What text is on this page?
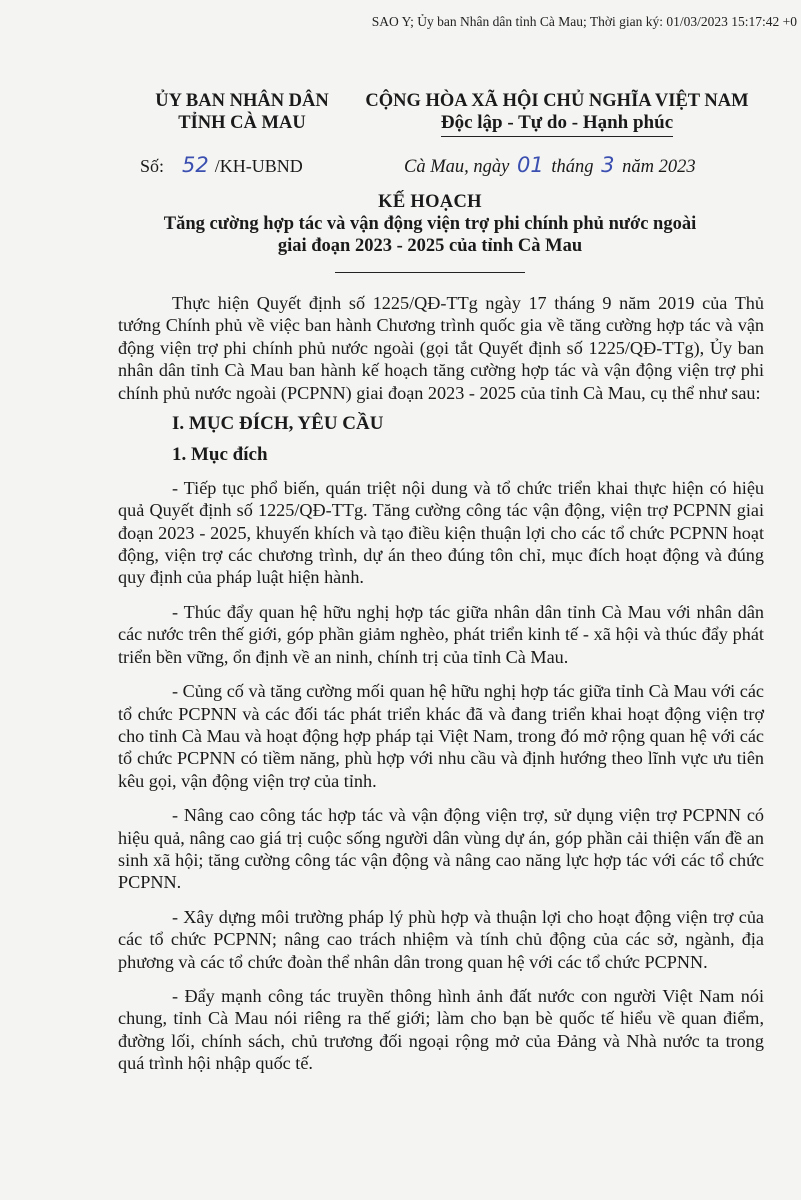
SAO Y; Ủy ban Nhân dân tỉnh Cà Mau; Thời gian ký: 01/03/2023 15:17:42 +0
ỦY BAN NHÂN DÂN
TỈNH CÀ MAU
CỘNG HÒA XÃ HỘI CHỦ NGHĨA VIỆT NAM
Độc lập - Tự do - Hạnh phúc
Số: 52 /KH-UBND	Cà Mau, ngày 01 tháng 3 năm 2023
KẾ HOẠCH
Tăng cường hợp tác và vận động viện trợ phi chính phủ nước ngoài
giai đoạn 2023 - 2025 của tỉnh Cà Mau

Thực hiện Quyết định số 1225/QĐ-TTg ngày 17 tháng 9 năm 2019 của Thủ tướng Chính phủ về việc ban hành Chương trình quốc gia về tăng cường hợp tác và vận động viện trợ phi chính phủ nước ngoài (gọi tắt Quyết định số 1225/QĐ-TTg), Ủy ban nhân dân tỉnh Cà Mau ban hành kế hoạch tăng cường hợp tác và vận động viện trợ phi chính phủ nước ngoài (PCPNN) giai đoạn 2023 - 2025 của tỉnh Cà Mau, cụ thể như sau:

I. MỤC ĐÍCH, YÊU CẦU
1. Mục đích

- Tiếp tục phổ biến, quán triệt nội dung và tổ chức triển khai thực hiện có hiệu quả Quyết định số 1225/QĐ-TTg. Tăng cường công tác vận động, viện trợ PCPNN giai đoạn 2023 - 2025, khuyến khích và tạo điều kiện thuận lợi cho các tổ chức PCPNN hoạt động, viện trợ các chương trình, dự án theo đúng tôn chỉ, mục đích hoạt động và đúng quy định của pháp luật hiện hành.

- Thúc đẩy quan hệ hữu nghị hợp tác giữa nhân dân tỉnh Cà Mau với nhân dân các nước trên thế giới, góp phần giảm nghèo, phát triển kinh tế - xã hội và thúc đẩy phát triển bền vững, ổn định về an ninh, chính trị của tỉnh Cà Mau.

- Củng cố và tăng cường mối quan hệ hữu nghị hợp tác giữa tỉnh Cà Mau với các tổ chức PCPNN và các đối tác phát triển khác đã và đang triển khai hoạt động viện trợ cho tỉnh Cà Mau và hoạt động hợp pháp tại Việt Nam, trong đó mở rộng quan hệ với các tổ chức PCPNN có tiềm năng, phù hợp với nhu cầu và định hướng theo lĩnh vực ưu tiên kêu gọi, vận động viện trợ của tỉnh.

- Nâng cao công tác hợp tác và vận động viện trợ, sử dụng viện trợ PCPNN có hiệu quả, nâng cao giá trị cuộc sống người dân vùng dự án, góp phần cải thiện vấn đề an sinh xã hội; tăng cường công tác vận động và nâng cao năng lực hợp tác với các tổ chức PCPNN.

- Xây dựng môi trường pháp lý phù hợp và thuận lợi cho hoạt động viện trợ của các tổ chức PCPNN; nâng cao trách nhiệm và tính chủ động của các sở, ngành, địa phương và các tổ chức đoàn thể nhân dân trong quan hệ với các tổ chức PCPNN.

- Đẩy mạnh công tác truyền thông hình ảnh đất nước con người Việt Nam nói chung, tỉnh Cà Mau nói riêng ra thế giới; làm cho bạn bè quốc tế hiểu về quan điểm, đường lối, chính sách, chủ trương đối ngoại rộng mở của Đảng và Nhà nước ta trong quá trình hội nhập quốc tế.
